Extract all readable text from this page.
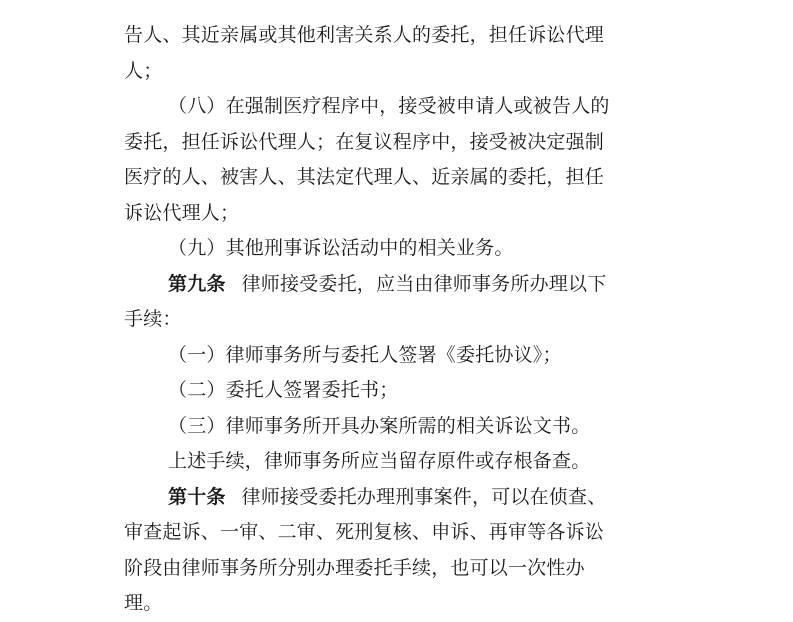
告人、其近亲属或其他利害关系人的委托，担任诉讼代理
人；
（八）在强制医疗程序中，接受被申请人或被告人的
委托，担任诉讼代理人；在复议程序中，接受被决定强制
医疗的人、被害人、其法定代理人、近亲属的委托，担任
诉讼代理人；
（九）其他刑事诉讼活动中的相关业务。
第九条 律师接受委托，应当由律师事务所办理以下
手续：
（一）律师事务所与委托人签署《委托协议》；
（二）委托人签署委托书；
（三）律师事务所开具办案所需的相关诉讼文书。
上述手续，律师事务所应当留存原件或存根备查。
第十条 律师接受委托办理刑事案件，可以在侦查、
审查起诉、一审、二审、死刑复核、申诉、再审等各诉讼
阶段由律师事务所分别办理委托手续，也可以一次性办
理。
